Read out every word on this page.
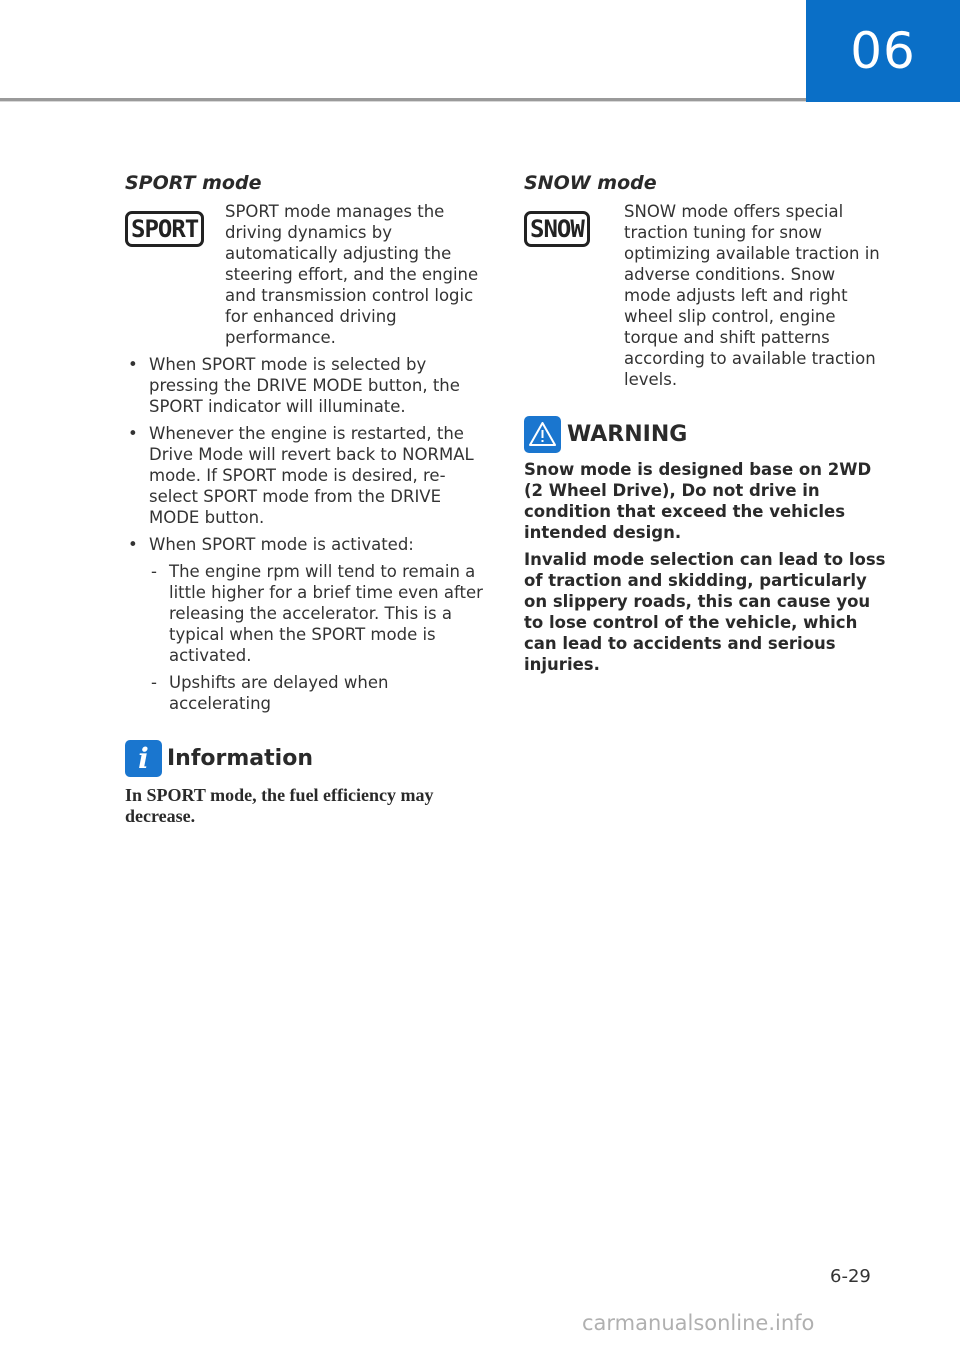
06
SPORT mode
SPORT
SPORT mode manages the driving dynamics by automatically adjusting the steering effort, and the engine and transmission control logic for enhanced driving performance.
• When SPORT mode is selected by pressing the DRIVE MODE button, the SPORT indicator will illuminate.
• Whenever the engine is restarted, the Drive Mode will revert back to NORMAL mode. If SPORT mode is desired, re-select SPORT mode from the DRIVE MODE button.
• When SPORT mode is activated:
- The engine rpm will tend to remain a little higher for a brief time even after releasing the accelerator. This is a typical when the SPORT mode is activated.
- Upshifts are delayed when accelerating
i Information
In SPORT mode, the fuel efficiency may decrease.
SNOW mode
SNOW
SNOW mode offers special traction tuning for snow optimizing available traction in adverse conditions. Snow mode adjusts left and right wheel slip control, engine torque and shift patterns according to available traction levels.
WARNING

Snow mode is designed base on 2WD (2 Wheel Drive), Do not drive in condition that exceed the vehicles intended design.

Invalid mode selection can lead to loss of traction and skidding, particularly on slippery roads, this can cause you to lose control of the vehicle, which can lead to accidents and serious injuries.

6-29
carmanualsonline.info
